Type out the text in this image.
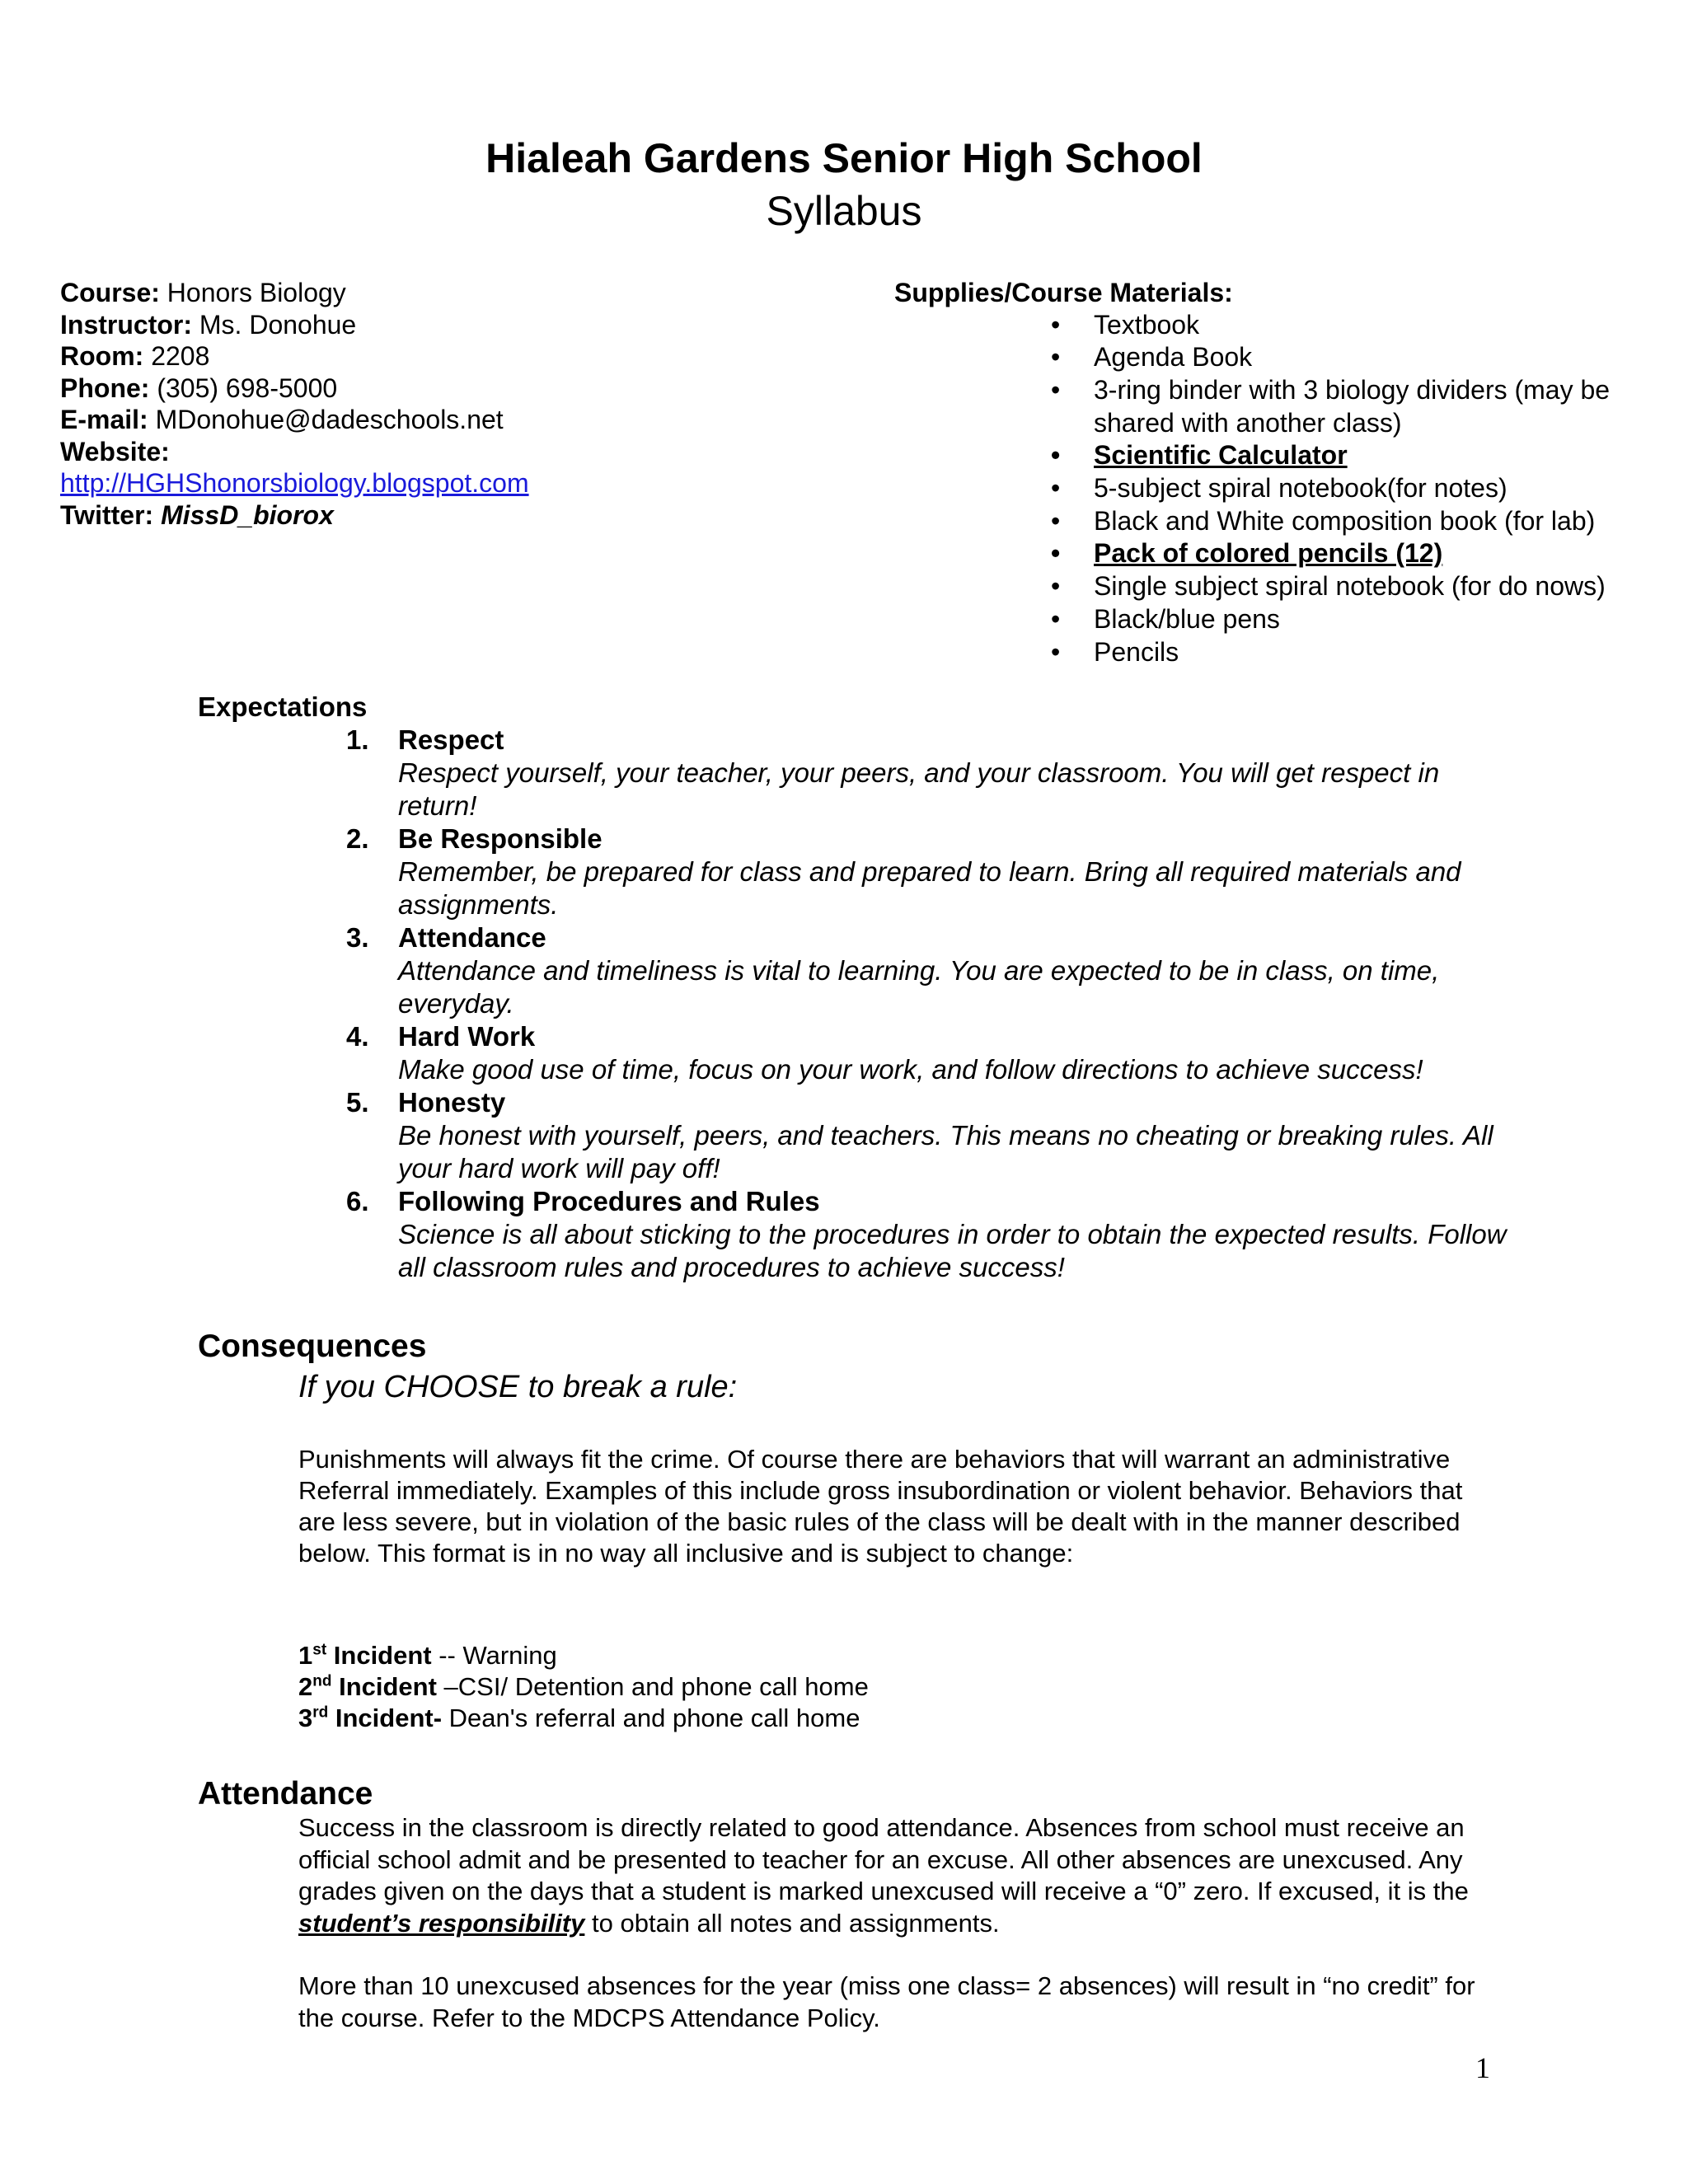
Hialeah Gardens Senior High School
Syllabus
Course: Honors Biology
Instructor: Ms. Donohue
Room: 2208
Phone: (305) 698-5000
E-mail: MDonohue@dadeschools.net
Website:
http://HGHShonorsbiology.blogspot.com
Twitter: MissD_biorox
Supplies/Course Materials:
• Textbook
• Agenda Book
• 3-ring binder with 3 biology dividers (may be shared with another class)
• Scientific Calculator
• 5-subject spiral notebook(for notes)
• Black and White composition book (for lab)
• Pack of colored pencils (12)
• Single subject spiral notebook (for do nows)
• Black/blue pens
• Pencils
Expectations
1. Respect
Respect yourself, your teacher, your peers, and your classroom. You will get respect in return!
2. Be Responsible
Remember, be prepared for class and prepared to learn. Bring all required materials and assignments.
3. Attendance
Attendance and timeliness is vital to learning. You are expected to be in class, on time, everyday.
4. Hard Work
Make good use of time, focus on your work, and follow directions to achieve success!
5. Honesty
Be honest with yourself, peers, and teachers. This means no cheating or breaking rules. All your hard work will pay off!
6. Following Procedures and Rules
Science is all about sticking to the procedures in order to obtain the expected results. Follow all classroom rules and procedures to achieve success!
Consequences
If you CHOOSE to break a rule:
Punishments will always fit the crime. Of course there are behaviors that will warrant an administrative Referral immediately. Examples of this include gross insubordination or violent behavior. Behaviors that are less severe, but in violation of the basic rules of the class will be dealt with in the manner described below. This format is in no way all inclusive and is subject to change:
1st Incident -- Warning
2nd Incident –CSI/ Detention and phone call home
3rd Incident- Dean's referral and phone call home
Attendance
Success in the classroom is directly related to good attendance. Absences from school must receive an official school admit and be presented to teacher for an excuse. All other absences are unexcused. Any grades given on the days that a student is marked unexcused will receive a “0” zero. If excused, it is the student’s responsibility to obtain all notes and assignments.
More than 10 unexcused absences for the year (miss one class= 2 absences) will result in “no credit” for the course. Refer to the MDCPS Attendance Policy.
1
